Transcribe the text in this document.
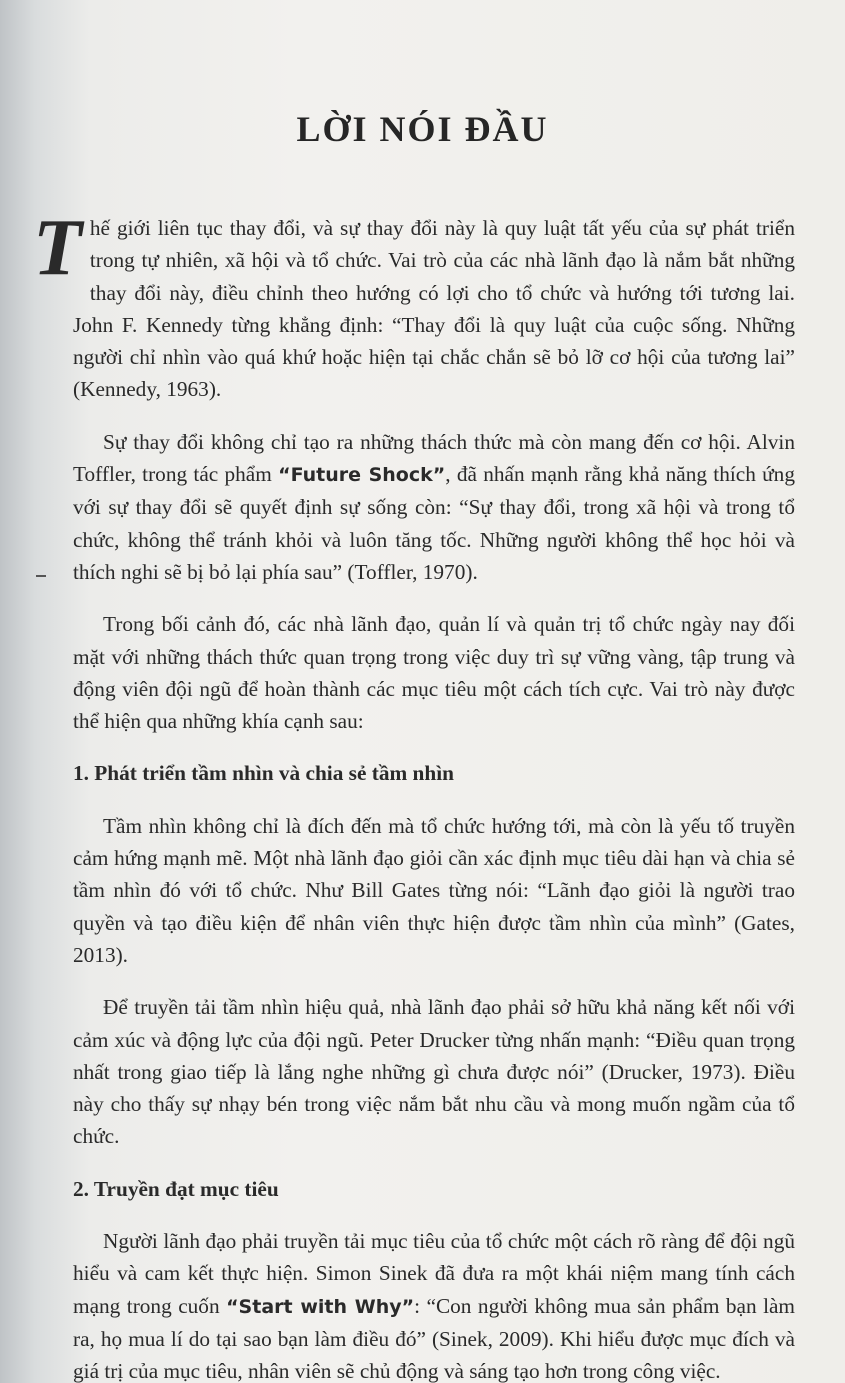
LỜI NÓI ĐẦU

Thế giới liên tục thay đổi, và sự thay đổi này là quy luật tất yếu của sự phát triển trong tự nhiên, xã hội và tổ chức. Vai trò của các nhà lãnh đạo là nắm bắt những thay đổi này, điều chỉnh theo hướng có lợi cho tổ chức và hướng tới tương lai. John F. Kennedy từng khẳng định: “Thay đổi là quy luật của cuộc sống. Những người chỉ nhìn vào quá khứ hoặc hiện tại chắc chắn sẽ bỏ lỡ cơ hội của tương lai” (Kennedy, 1963).

Sự thay đổi không chỉ tạo ra những thách thức mà còn mang đến cơ hội. Alvin Toffler, trong tác phẩm “Future Shock”, đã nhấn mạnh rằng khả năng thích ứng với sự thay đổi sẽ quyết định sự sống còn: “Sự thay đổi, trong xã hội và trong tổ chức, không thể tránh khỏi và luôn tăng tốc. Những người không thể học hỏi và thích nghi sẽ bị bỏ lại phía sau” (Toffler, 1970).

Trong bối cảnh đó, các nhà lãnh đạo, quản lí và quản trị tổ chức ngày nay đối mặt với những thách thức quan trọng trong việc duy trì sự vững vàng, tập trung và động viên đội ngũ để hoàn thành các mục tiêu một cách tích cực. Vai trò này được thể hiện qua những khía cạnh sau:

1. Phát triển tầm nhìn và chia sẻ tầm nhìn

Tầm nhìn không chỉ là đích đến mà tổ chức hướng tới, mà còn là yếu tố truyền cảm hứng mạnh mẽ. Một nhà lãnh đạo giỏi cần xác định mục tiêu dài hạn và chia sẻ tầm nhìn đó với tổ chức. Như Bill Gates từng nói: “Lãnh đạo giỏi là người trao quyền và tạo điều kiện để nhân viên thực hiện được tầm nhìn của mình” (Gates, 2013).

Để truyền tải tầm nhìn hiệu quả, nhà lãnh đạo phải sở hữu khả năng kết nối với cảm xúc và động lực của đội ngũ. Peter Drucker từng nhấn mạnh: “Điều quan trọng nhất trong giao tiếp là lắng nghe những gì chưa được nói” (Drucker, 1973). Điều này cho thấy sự nhạy bén trong việc nắm bắt nhu cầu và mong muốn ngầm của tổ chức.

2. Truyền đạt mục tiêu

Người lãnh đạo phải truyền tải mục tiêu của tổ chức một cách rõ ràng để đội ngũ hiểu và cam kết thực hiện. Simon Sinek đã đưa ra một khái niệm mang tính cách mạng trong cuốn “Start with Why”: “Con người không mua sản phẩm bạn làm ra, họ mua lí do tại sao bạn làm điều đó” (Sinek, 2009). Khi hiểu được mục đích và giá trị của mục tiêu, nhân viên sẽ chủ động và sáng tạo hơn trong công việc.
